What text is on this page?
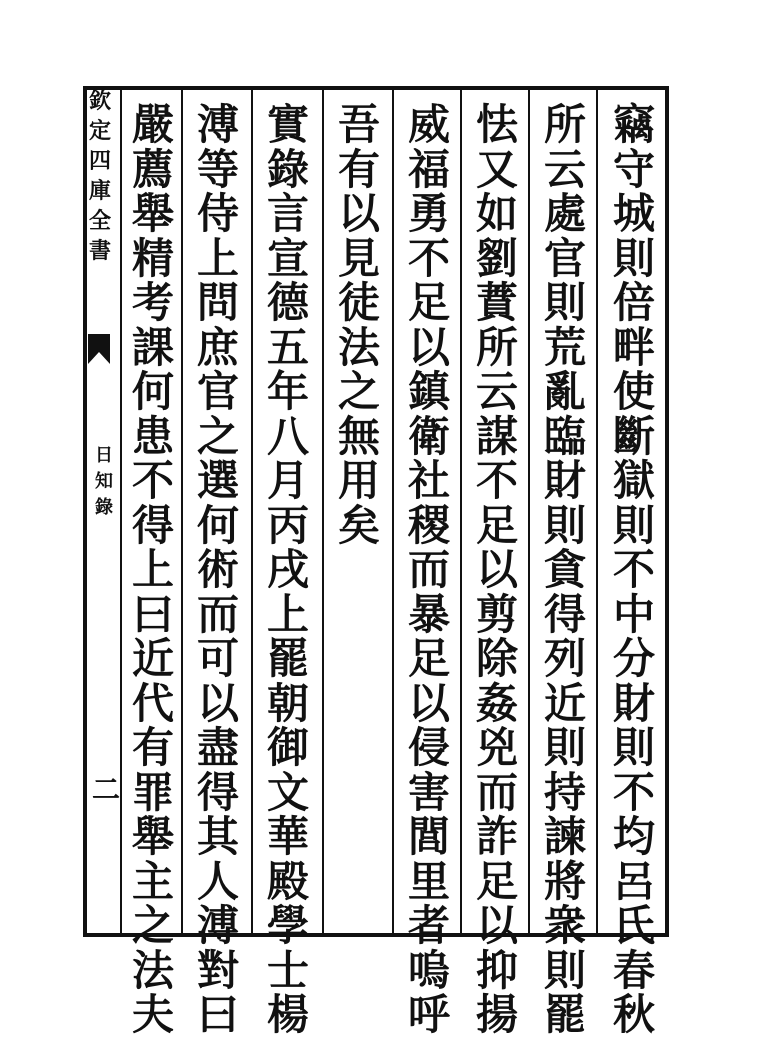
欽
定
四
庫
全
書
日
知
錄
二
竊
守
城
則
倍
畔
使
斷
獄
則
不
中
分
財
則
不
均
呂
氏
春
秋
所
云
處
官
則
荒
亂
臨
財
則
貪
得
列
近
則
持
諫
將
衆
則
罷
怯
又
如
劉
蕡
所
云
謀
不
足
以
剪
除
姦
兇
而
詐
足
以
抑
揚
威
福
勇
不
足
以
鎮
衛
社
稷
而
暴
足
以
侵
害
閭
里
者
嗚
呼
吾
有
以
見
徒
法
之
無
用
矣
實
錄
言
宣
德
五
年
八
月
丙
戌
上
罷
朝
御
文
華
殿
學
士
楊
溥
等
侍
上
問
庶
官
之
選
何
術
而
可
以
盡
得
其
人
溥
對
曰
嚴
薦
舉
精
考
課
何
患
不
得
上
曰
近
代
有
罪
舉
主
之
法
夫
